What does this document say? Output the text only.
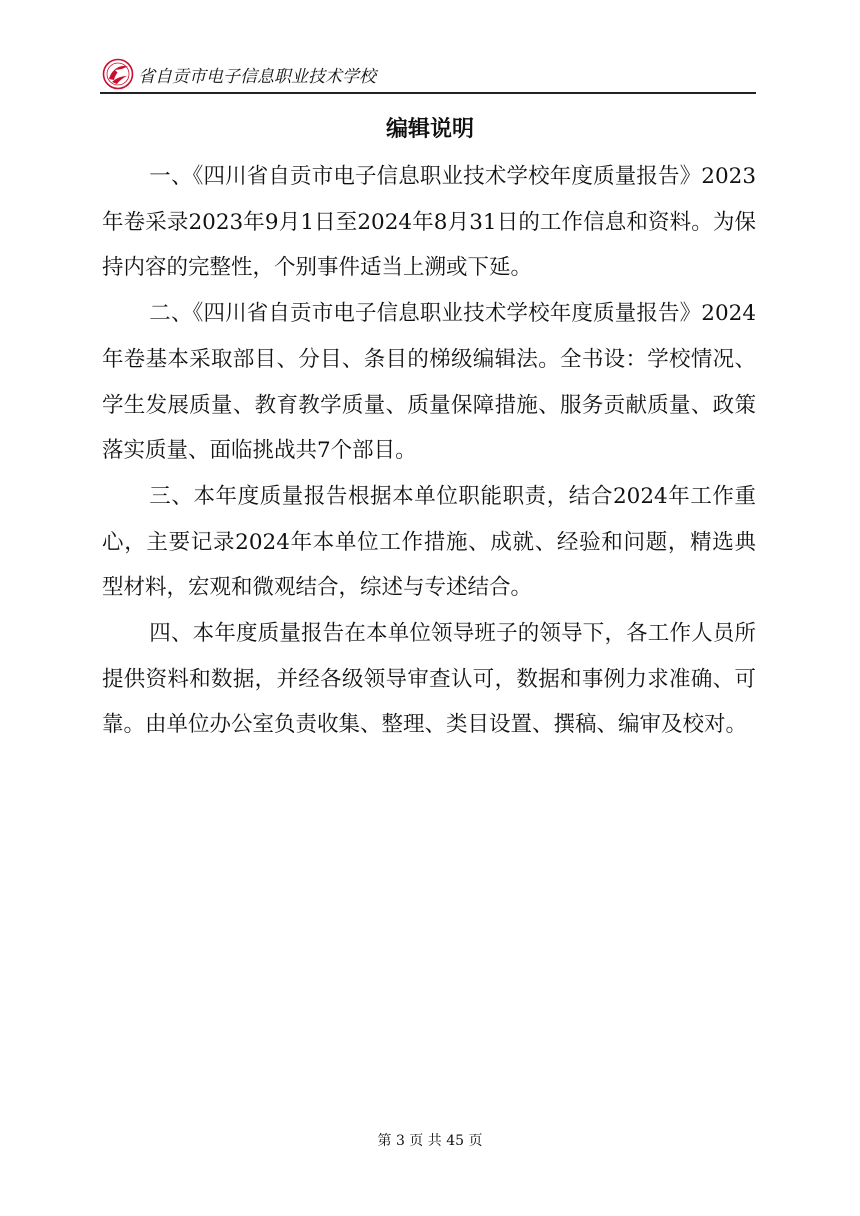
省自贡市电子信息职业技术学校
编辑说明

一、《四川省自贡市电子信息职业技术学校年度质量报告》2023年卷采录2023年9月1日至2024年8月31日的工作信息和资料。为保持内容的完整性，个别事件适当上溯或下延。

二、《四川省自贡市电子信息职业技术学校年度质量报告》2024年卷基本采取部目、分目、条目的梯级编辑法。全书设：学校情况、学生发展质量、教育教学质量、质量保障措施、服务贡献质量、政策落实质量、面临挑战共7个部目。

三、本年度质量报告根据本单位职能职责，结合2024年工作重心，主要记录2024年本单位工作措施、成就、经验和问题，精选典型材料，宏观和微观结合，综述与专述结合。

四、本年度质量报告在本单位领导班子的领导下，各工作人员所提供资料和数据，并经各级领导审查认可，数据和事例力求准确、可靠。由单位办公室负责收集、整理、类目设置、撰稿、编审及校对。

第 3 页 共 45 页
